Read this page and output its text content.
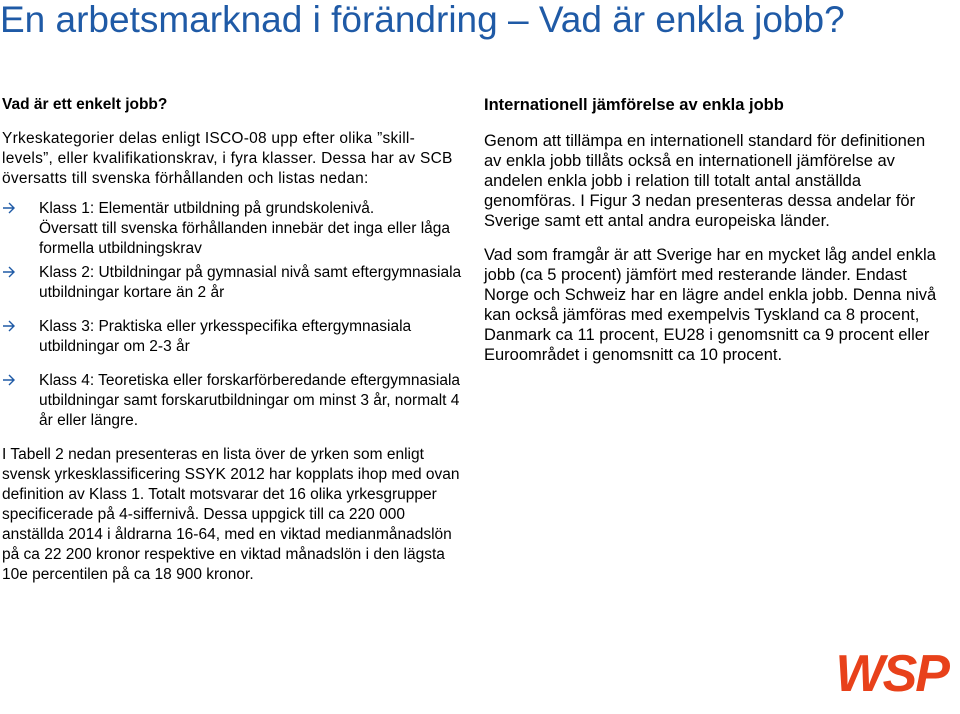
En arbetsmarknad i förändring – Vad är enkla jobb?
Vad är ett enkelt jobb?

Yrkeskategorier delas enligt ISCO-08 upp efter olika ”skill-levels”, eller kvalifikationskrav, i fyra klasser. Dessa har av SCB översatts till svenska förhållanden och listas nedan:

Klass 1: Elementär utbildning på grundskolenivå.

Översatt till svenska förhållanden innebär det inga eller låga formella utbildningskrav
Klass 2: Utbildningar på gymnasial nivå samt eftergymnasiala utbildningar kortare än 2 år
Klass 3: Praktiska eller yrkesspecifika eftergymnasiala utbildningar om 2-3 år
Klass 4: Teoretiska eller forskarförberedande eftergymnasiala utbildningar samt forskarutbildningar om minst 3 år, normalt 4 år eller längre.

I Tabell 2 nedan presenteras en lista över de yrken som enligt svensk yrkesklassificering SSYK 2012 har kopplats ihop med ovan definition av Klass 1. Totalt motsvarar det 16 olika yrkesgrupper specificerade på 4-siffernivå. Dessa uppgick till ca 220 000 anställda 2014 i åldrarna 16-64, med en viktad medianmånadslön på ca 22 200 kronor respektive en viktad månadslön i den lägsta 10e percentilen på ca 18 900 kronor.

Internationell jämförelse av enkla jobb

Genom att tillämpa en internationell standard för definitionen av enkla jobb tillåts också en internationell jämförelse av andelen enkla jobb i relation till totalt antal anställda genomföras. I Figur 3 nedan presenteras dessa andelar för Sverige samt ett antal andra europeiska länder.

Vad som framgår är att Sverige har en mycket låg andel enkla jobb (ca 5 procent) jämfört med resterande länder. Endast Norge och Schweiz har en lägre andel enkla jobb. Denna nivå kan också jämföras med exempelvis Tyskland ca 8 procent, Danmark ca 11 procent, EU28 i genomsnitt ca 9 procent eller Euroområdet i genomsnitt ca 10 procent.

WSP
